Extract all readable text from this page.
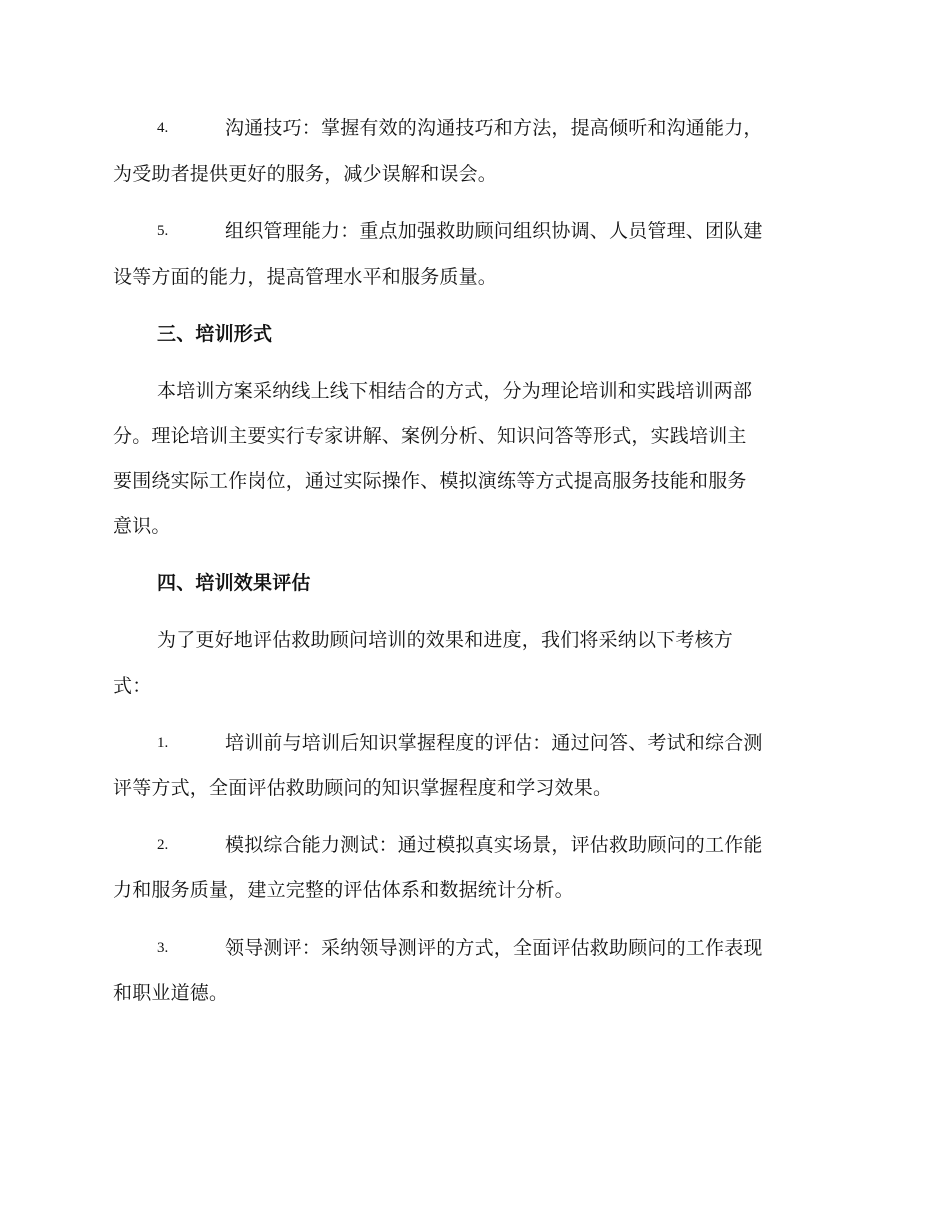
4.	沟通技巧：掌握有效的沟通技巧和方法，提高倾听和沟通能力，
为受助者提供更好的服务，减少误解和误会。
5.	组织管理能力：重点加强救助顾问组织协调、人员管理、团队建
设等方面的能力，提高管理水平和服务质量。
三、培训形式
本培训方案采纳线上线下相结合的方式，分为理论培训和实践培训两部
分。理论培训主要实行专家讲解、案例分析、知识问答等形式，实践培训主
要围绕实际工作岗位，通过实际操作、模拟演练等方式提高服务技能和服务
意识。
四、培训效果评估
为了更好地评估救助顾问培训的效果和进度，我们将采纳以下考核方
式：
1.	培训前与培训后知识掌握程度的评估：通过问答、考试和综合测
评等方式，全面评估救助顾问的知识掌握程度和学习效果。
2.	模拟综合能力测试：通过模拟真实场景，评估救助顾问的工作能
力和服务质量，建立完整的评估体系和数据统计分析。
3.	领导测评：采纳领导测评的方式，全面评估救助顾问的工作表现
和职业道德。
